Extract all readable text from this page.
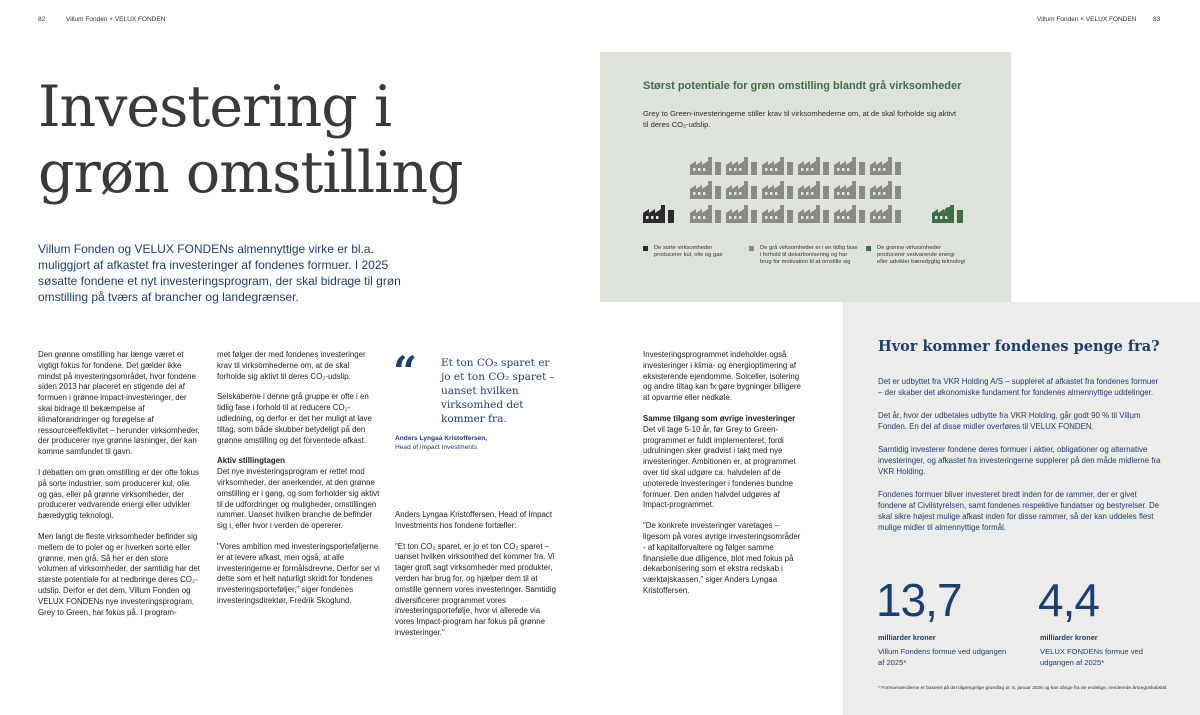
82	Villum Fonden × VELUX FONDEN	Villum Fonden × VELUX FONDEN	83
Investering i
grøn omstilling

Villum Fonden og VELUX FONDENs almennyttige virke er bl.a. muliggjort af afkastet fra investeringer af fondenes formuer. I 2025 søsatte fondene et nyt investeringsprogram, der skal bidrage til grøn omstilling på tværs af brancher og landegrænser.

Den grønne omstilling har længe været et vigtigt fokus for fondene. Det gælder ikke mindst på investeringsområdet, hvor fondene siden 2013 har placeret en stigende del af formuen i grønne impact-investeringer, der skal bidrage til bekæmpelse af klimaforandringer og forøgelse af ressourceeffektivitet – herunder virksomheder, der producerer nye grønne løsninger, der kan komme samfundet til gavn.

I debatten om grøn omstilling er der ofte fokus på sorte industrier, som producerer kul, olie og gas, eller på grønne virksomheder, der producerer vedvarende energi eller udvikler bæredygtig teknologi.

Men langt de fleste virksomheder befinder sig mellem de to poler og er hverken sorte eller grønne, men grå. Så her er den store volumen af virksomheder, der samtidig har det største potentiale for at nedbringe deres CO₂-udslip. Derfor er det dem, Villum Fonden og VELUX FONDENs nye investeringsprogram, Grey to Green, har fokus på. I program-

met følger der med fondenes investeringer krav til virksomhederne om, at de skal forholde sig aktivt til deres CO₂-udslip.

Selskaberne i denne grå gruppe er ofte i en tidlig fase i forhold til at reducere CO₂-udledning, og derfor er det her muligt at lave tiltag, som både skubber betydeligt på den grønne omstilling og det forventede afkast.

Aktiv stillingtagen

Det nye investeringsprogram er rettet mod virksomheder, der anerkender, at den grønne omstilling er i gang, og som forholder sig aktivt til de udfordringer og muligheder, omstillingen rummer. Uanset hvilken branche de befinder sig i, eller hvor i verden de opererer.

"Vores ambition med investeringsporteføljerne er at levere afkast, men også, at alle investeringerne er formålsdrevne. Derfor ser vi dette som et helt naturligt skridt for fondenes investeringsporteføljer," siger fondenes investeringsdirektør, Fredrik Skoglund.

“ Et ton CO₂ sparet er jo et ton CO₂ sparet – uanset hvilken virksomhed det kommer fra.

Anders Lyngaa Kristoffersen,
Head of Impact Investments

Anders Lyngaa Kristoffersen, Head of Impact Investments hos fondene fortæller:

"Et ton CO₂ sparet, er jo et ton CO₂ sparet – uanset hvilken virksomhed det kommer fra. Vi tager groft sagt virksomheder med produkter, verden har brug for, og hjælper dem til at omstille gennem vores investeringer. Samtidig diversificerer programmet vores investeringsportefølje, hvor vi allerede via vores Impact-program har fokus på grønne investeringer."

Investeringsprogrammet indeholder også investeringer i klima- og energioptimering af eksisterende ejendomme. Solceller, isolering og andre tiltag kan fx gøre bygninger billigere at opvarme eller nedkøle.

Samme tilgang som øvrige investeringer

Det vil tage 5-10 år, før Grey to Green-programmet er fuldt implementeret, fordi udrulningen sker gradvist i takt med nye investeringer. Ambitionen er, at programmet over tid skal udgøre ca. halvdelen af de unoterede investeringer i fondenes bundne formuer. Den anden halvdel udgøres af Impact-programmet.

"De konkrete investeringer varetages – ligesom på vores øvrige investeringsområder - af kapitalforvaltere og følger samme finansielle due diligence, blot med fokus på dekarbonisering som et ekstra redskab i værktøjskassen," siger Anders Lyngaa Kristoffersen.

Størst potentiale for grøn omstilling blandt grå virksomheder
Grey to Green-investeringerne stiller krav til virksomhederne om, at de skal forholde sig aktivt til deres CO₂-udslip.
De sorte virksomheder producerer kul, olie og gas
De grå virksomheder er i en tidlig fase i forhold til dekarbonisering og har brug for motivation til at omstille sig
De grønne virksomheder producerer vedvarende energi eller udvikler bæredygtig teknologi
Hvor kommer fondenes penge fra?

Det er udbyttet fra VKR Holding A/S – suppleret af afkastet fra fondenes formuer – der skaber det økonomiske fundament for fondenes almennyttige uddelinger.

Det år, hvor der udbetales udbytte fra VKR Holding, går godt 90 % til Villum Fonden. En del af disse midler overføres til VELUX FONDEN.

Samtidig investerer fondene deres formuer i aktier, obligationer og alternative investeringer, og afkastet fra investeringerne supplerer på den måde midlerne fra VKR Holding.

Fondenes formuer bliver investeret bredt inden for de rammer, der er givet fondene af Civilstyrelsen, samt fondenes respektive fundatser og bestyrelser. De skal sikre højest mulige afkast inden for disse rammer, så der kan uddeles flest mulige midler til almennyttige formål.

13,7
milliarder kroner
Villum Fondens formue ved udgangen af 2025*
4,4
milliarder kroner
VELUX FONDENs formue ved udgangen af 2025*
* Formueværdierne er baseret på det tilgængelige grundlag pr. 5. januar 2026 og kan afvige fra de endelige, reviderede årsregnskabstal.
